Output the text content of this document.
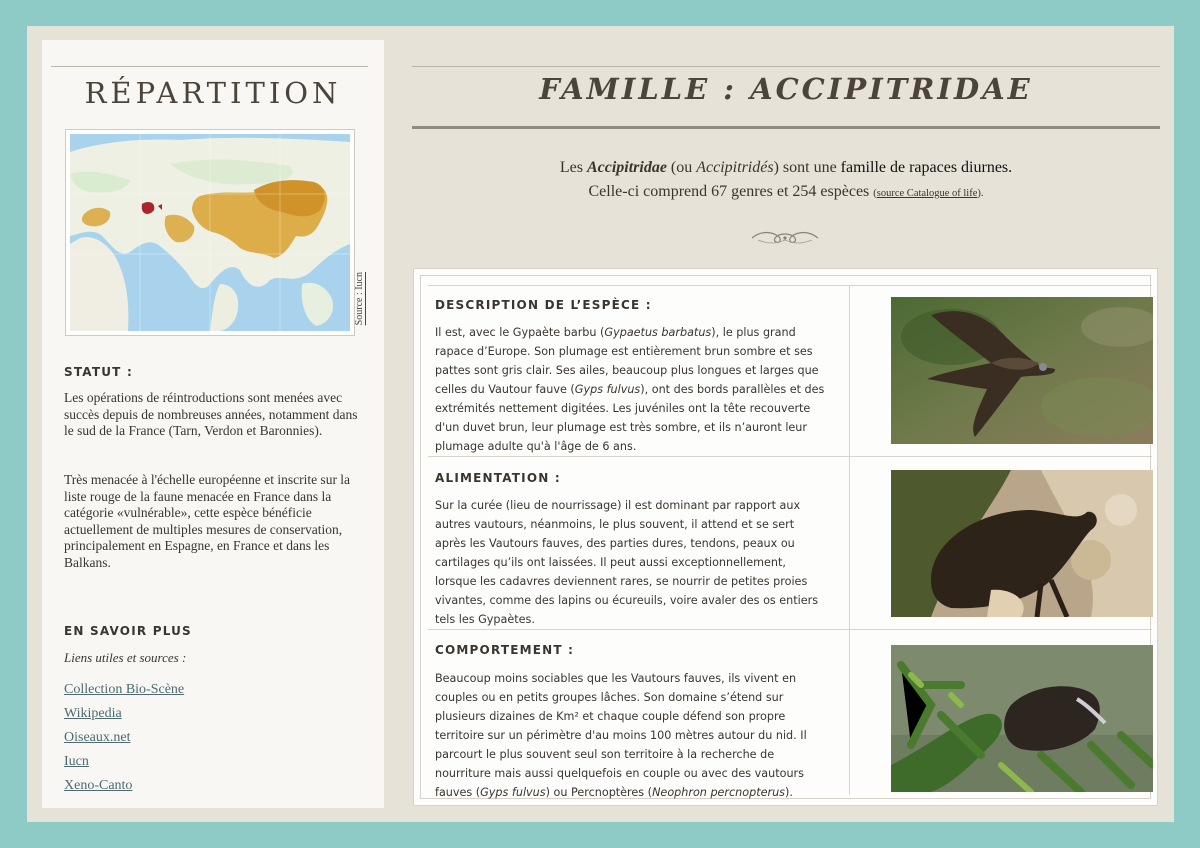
RÉPARTITION
Source : Iucn
STATUT :

Les opérations de réintroductions sont menées avec succès depuis de nombreuses années, notamment dans le sud de la France (Tarn, Verdon et Baronnies).

Très menacée à l'échelle européenne et inscrite sur la liste rouge de la faune menacée en France dans la catégorie «vulnérable», cette espèce bénéficie actuellement de multiples mesures de conservation, principalement en Espagne, en France et dans les Balkans.

EN SAVOIR PLUS
Liens utiles et sources :
Collection Bio-Scène
Wikipedia
Oiseaux.net
Iucn
Xeno-Canto
FAMILLE : ACCIPITRIDAE
Les Accipitridae (ou Accipitridés) sont une famille de rapaces diurnes.
Celle-ci comprend 67 genres et 254 espèces (source Catalogue of life).
DESCRIPTION DE L’ESPÈCE :

Il est, avec le Gypaète barbu (Gypaetus barbatus), le plus grand rapace d’Europe. Son plumage est entièrement brun sombre et ses pattes sont gris clair. Ses ailes, beaucoup plus longues et larges que celles du Vautour fauve (Gyps fulvus), ont des bords parallèles et des extrémités nettement digitées. Les juvéniles ont la tête recouverte d'un duvet brun, leur plumage est très sombre, et ils n’auront leur plumage adulte qu'à l'âge de 6 ans.

ALIMENTATION :

Sur la curée (lieu de nourrissage) il est dominant par rapport aux autres vautours, néanmoins, le plus souvent, il attend et se sert après les Vautours fauves, des parties dures, tendons, peaux ou cartilages qu’ils ont laissées. Il peut aussi exceptionnellement, lorsque les cadavres deviennent rares, se nourrir de petites proies vivantes, comme des lapins ou écureuils, voire avaler des os entiers tels les Gypaètes.

COMPORTEMENT :

Beaucoup moins sociables que les Vautours fauves, ils vivent en couples ou en petits groupes lâches. Son domaine s’étend sur plusieurs dizaines de Km² et chaque couple défend son propre territoire sur un périmètre d'au moins 100 mètres autour du nid. Il parcourt le plus souvent seul son territoire à la recherche de nourriture mais aussi quelquefois en couple ou avec des vautours fauves (Gyps fulvus) ou Percnoptères (Neophron percnopterus).
